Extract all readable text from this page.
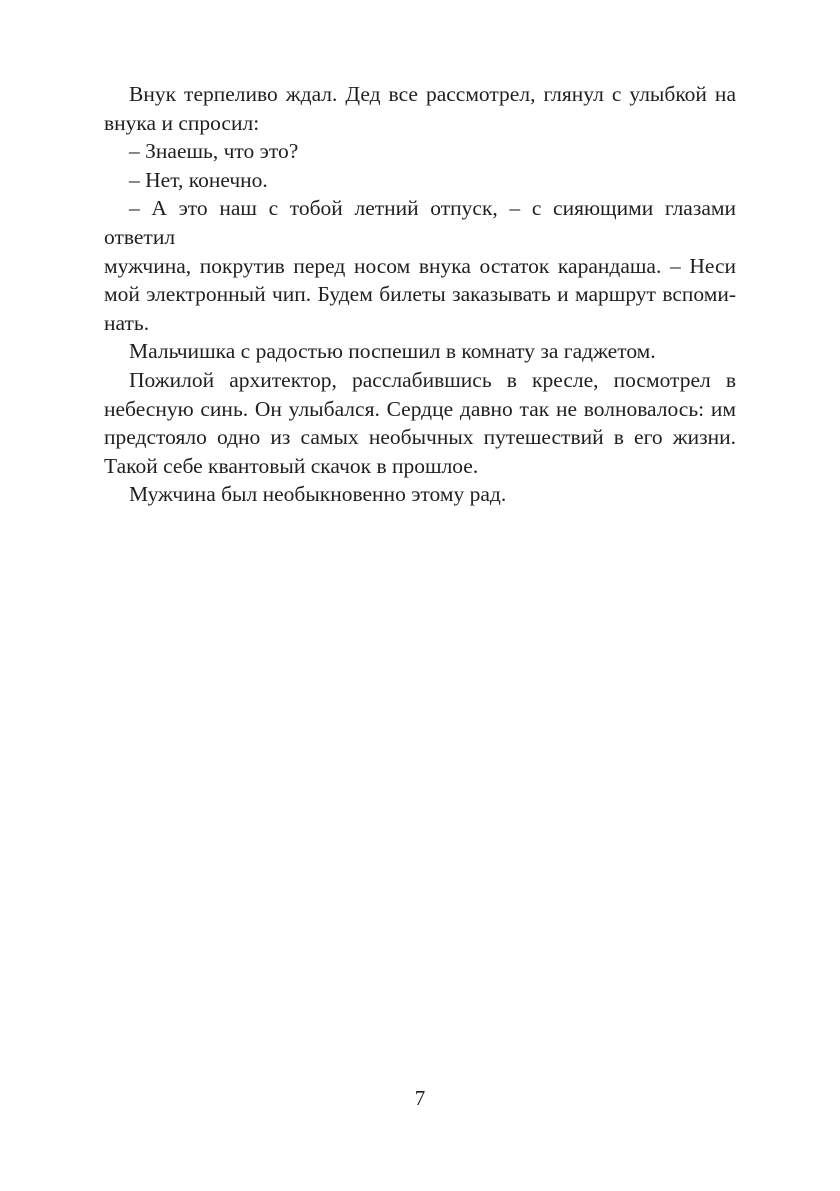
Внук терпеливо ждал. Дед все рассмотрел, глянул с улыбкой на
внука и спросил:

– Знаешь, что это?

– Нет, конечно.

– А это наш с тобой летний отпуск, – с сияющими глазами ответил
мужчина, покрутив перед носом внука остаток карандаша. – Неси
мой электронный чип. Будем билеты заказывать и маршрут вспоми-
нать.

Мальчишка с радостью поспешил в комнату за гаджетом.

Пожилой архитектор, расслабившись в кресле, посмотрел в
небесную синь. Он улыбался. Сердце давно так не волновалось: им
предстояло одно из самых необычных путешествий в его жизни.
Такой себе квантовый скачок в прошлое.

Мужчина был необыкновенно этому рад.

7
